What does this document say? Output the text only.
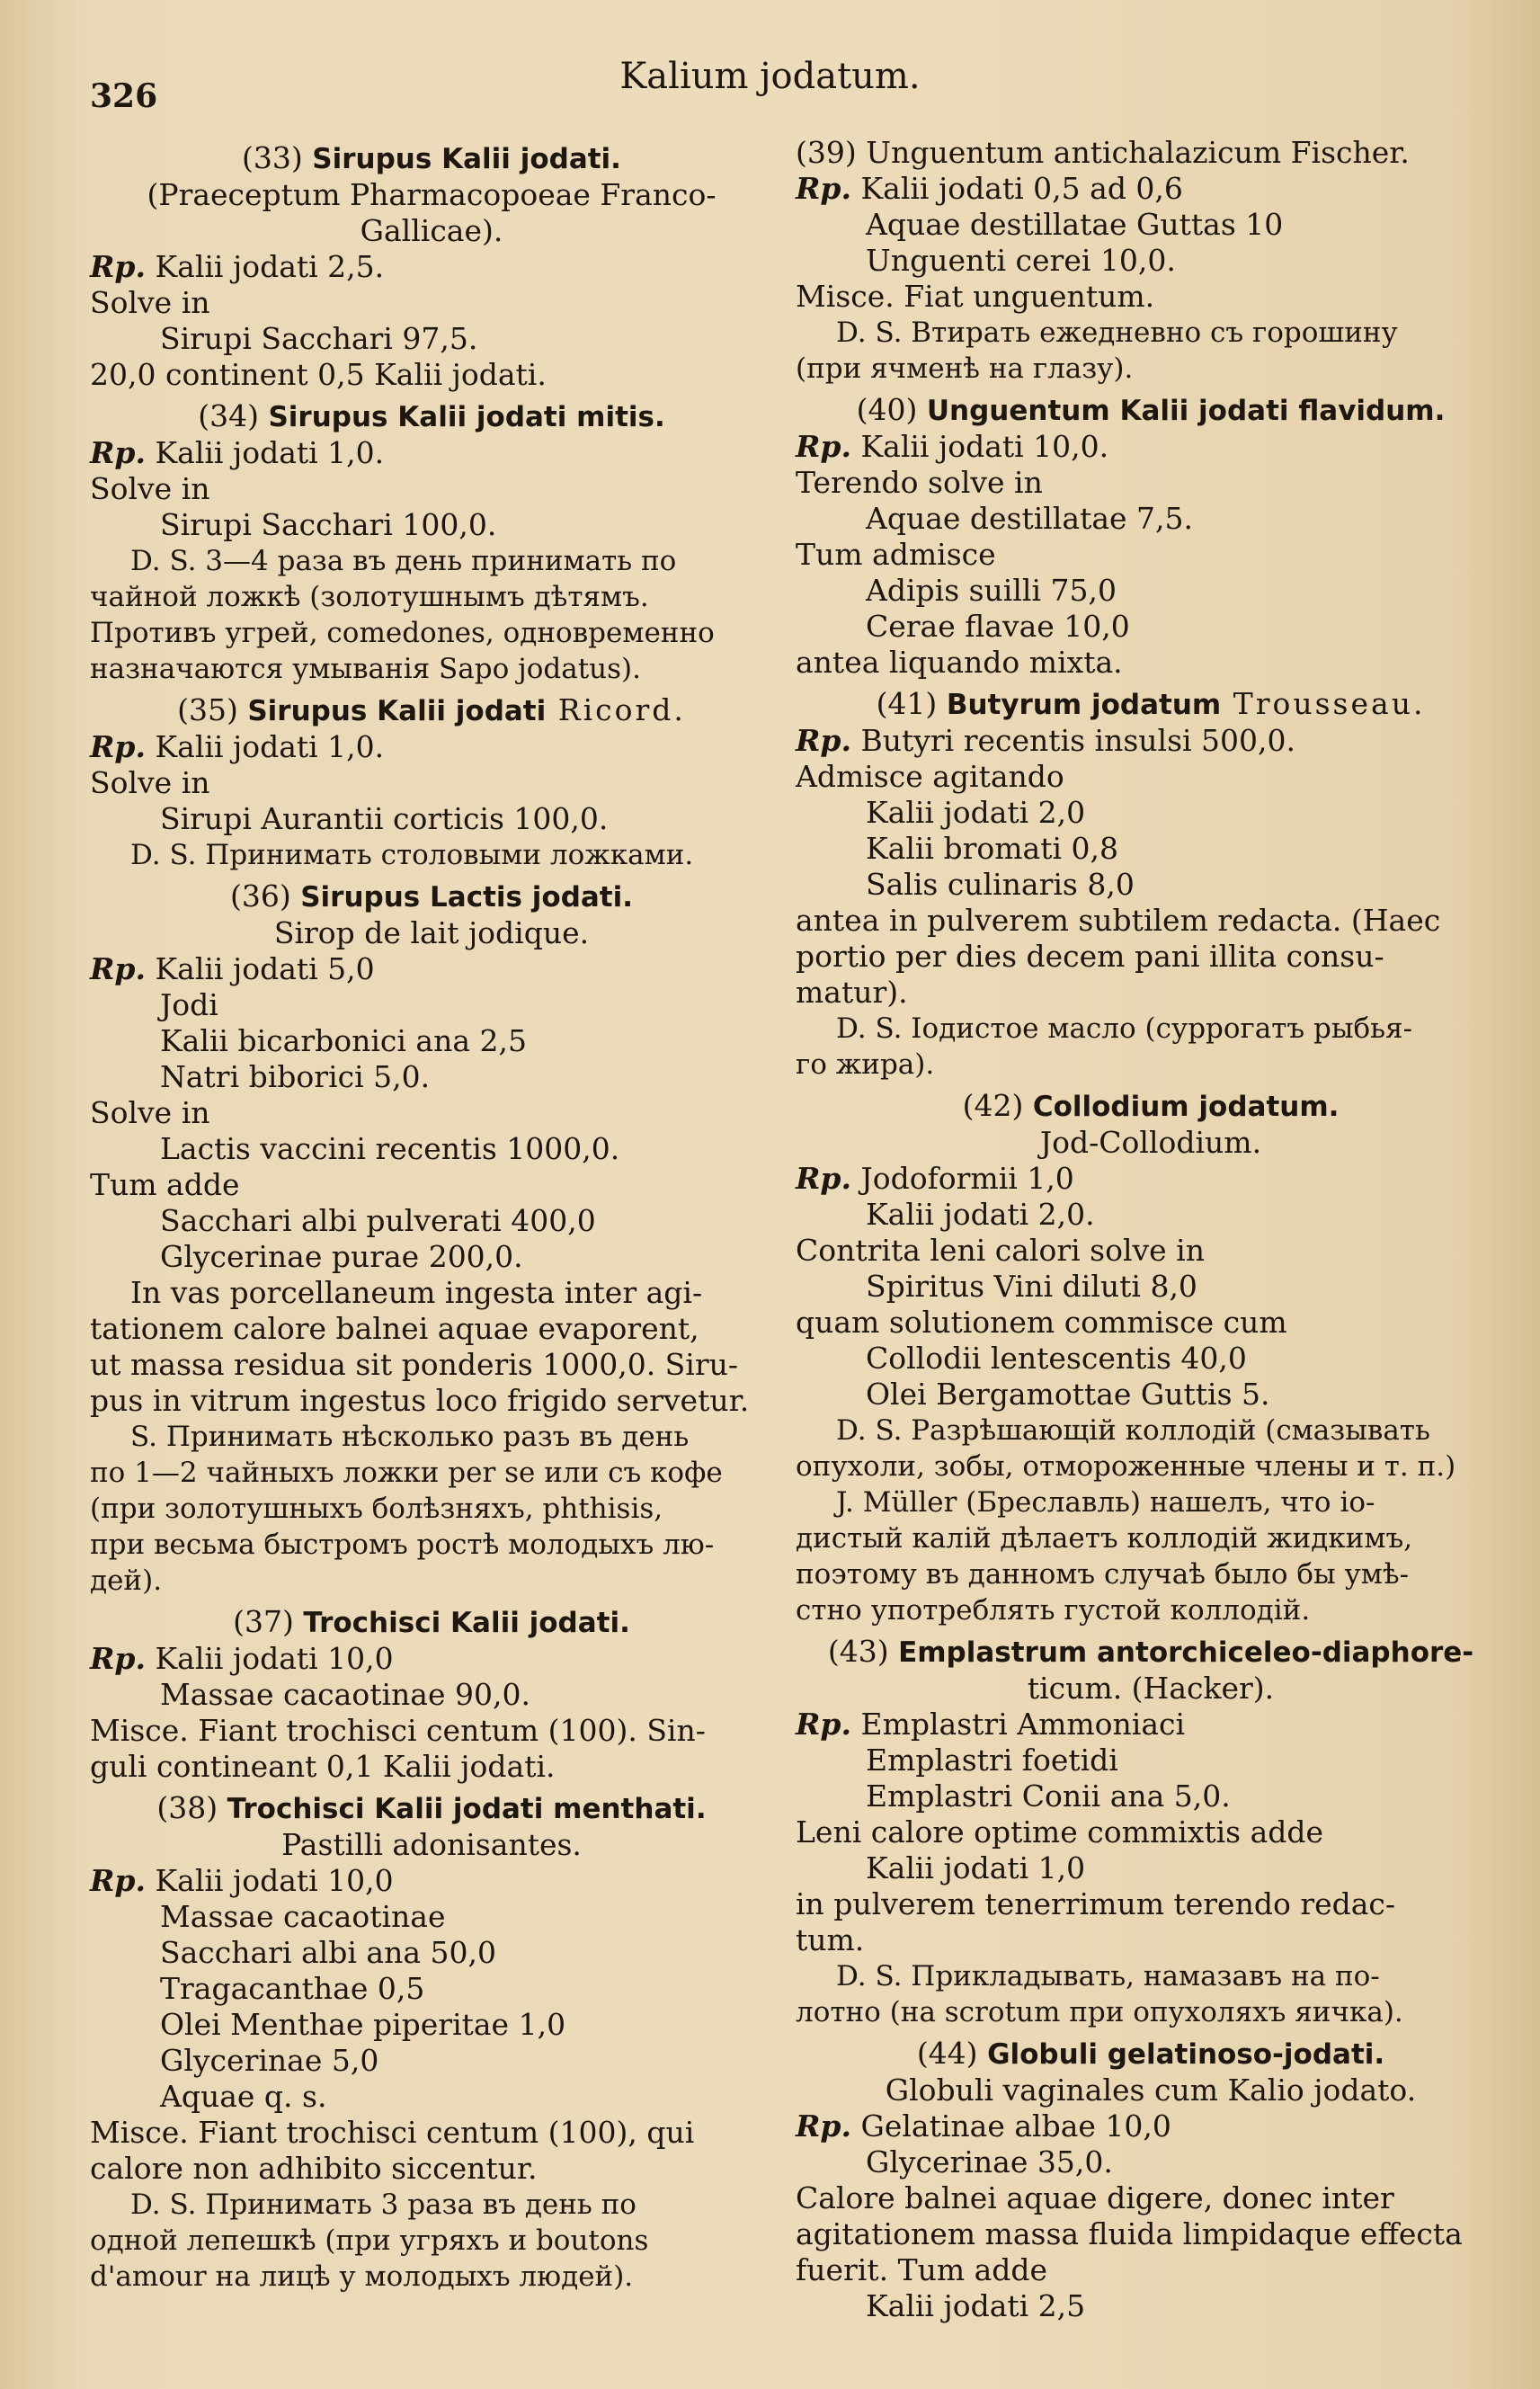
326	Kalium jodatum.

(33) Sirupus Kalii jodati.

(Praeceptum Pharmacopoeae Franco-

Gallicae).

Rp. Kalii jodati 2,5.

Solve in

Sirupi Sacchari 97,5.

20,0 continent 0,5 Kalii jodati.

(34) Sirupus Kalii jodati mitis.

Rp. Kalii jodati 1,0.

Solve in

Sirupi Sacchari 100,0.

D. S. 3—4 раза въ день принимать по

чайной ложкѣ (золотушнымъ дѣтямъ.

Противъ угрей, comedones, одновременно

назначаются умыванія Sapo jodatus).

(35) Sirupus Kalii jodati Ricord.

Rp. Kalii jodati 1,0.

Solve in

Sirupi Aurantii corticis 100,0.

D. S. Принимать столовыми ложками.

(36) Sirupus Lactis jodati.

Sirop de lait jodique.

Rp. Kalii jodati 5,0

Jodi

Kalii bicarbonici ana 2,5

Natri biborici 5,0.

Solve in

Lactis vaccini recentis 1000,0.

Tum adde

Sacchari albi pulverati 400,0

Glycerinae purae 200,0.

In vas porcellaneum ingesta inter agi-

tationem calore balnei aquae evaporent,

ut massa residua sit ponderis 1000,0. Siru-

pus in vitrum ingestus loco frigido servetur.

S. Принимать нѣсколько разъ въ день

по 1—2 чайныхъ ложки per se или съ кофе

(при золотушныхъ болѣзняхъ, phthisis,

при весьма быстромъ ростѣ молодыхъ лю-

дей).

(37) Trochisci Kalii jodati.

Rp. Kalii jodati 10,0

Massae cacaotinae 90,0.

Misce. Fiant trochisci centum (100). Sin-

guli contineant 0,1 Kalii jodati.

(38) Trochisci Kalii jodati menthati.

Pastilli adonisantes.

Rp. Kalii jodati 10,0

Massae cacaotinae

Sacchari albi ana 50,0

Tragacanthae 0,5

Olei Menthae piperitae 1,0

Glycerinae 5,0

Aquae q. s.

Misce. Fiant trochisci centum (100), qui

calore non adhibito siccentur.

D. S. Принимать 3 раза въ день по

одной лепешкѣ (при угряхъ и boutons

d'amour на лицѣ у молодыхъ людей).

(39) Unguentum antichalazicum Fischer.

Rp. Kalii jodati 0,5 ad 0,6

Aquae destillatae Guttas 10

Unguenti cerei 10,0.

Misce. Fiat unguentum.

D. S. Втирать ежедневно съ горошину

(при ячменѣ на глазу).

(40) Unguentum Kalii jodati flavidum.

Rp. Kalii jodati 10,0.

Terendo solve in

Aquae destillatae 7,5.

Tum admisce

Adipis suilli 75,0

Cerae flavae 10,0

antea liquando mixta.

(41) Butyrum jodatum Trousseau.

Rp. Butyri recentis insulsi 500,0.

Admisce agitando

Kalii jodati 2,0

Kalii bromati 0,8

Salis culinaris 8,0

antea in pulverem subtilem redacta. (Haec

portio per dies decem pani illita consu-

matur).

D. S. Іодистое масло (суррогатъ рыбья-

го жира).

(42) Collodium jodatum.

Jod-Collodium.

Rp. Jodoformii 1,0

Kalii jodati 2,0.

Contrita leni calori solve in

Spiritus Vini diluti 8,0

quam solutionem commisce cum

Collodii lentescentis 40,0

Olei Bergamottae Guttis 5.

D. S. Разрѣшающій коллодій (смазывать

опухоли, зобы, отмороженные члены и т. п.)

J. Müller (Бреславль) нашелъ, что іо-

дистый калій дѣлаетъ коллодій жидкимъ,

поэтому въ данномъ случаѣ было бы умѣ-

стно употреблять густой коллодій.

(43) Emplastrum antorchiceleo-diaphore-

ticum. (Hacker).

Rp. Emplastri Ammoniaci

Emplastri foetidi

Emplastri Conii ana 5,0.

Leni calore optime commixtis adde

Kalii jodati 1,0

in pulverem tenerrimum terendo redac-

tum.

D. S. Прикладывать, намазавъ на по-

лотно (на scrotum при опухоляхъ яичка).

(44) Globuli gelatinoso-jodati.

Globuli vaginales cum Kalio jodato.

Rp. Gelatinae albae 10,0

Glycerinae 35,0.

Calore balnei aquae digere, donec inter

agitationem massa fluida limpidaque effecta

fuerit. Tum adde

Kalii jodati 2,5
